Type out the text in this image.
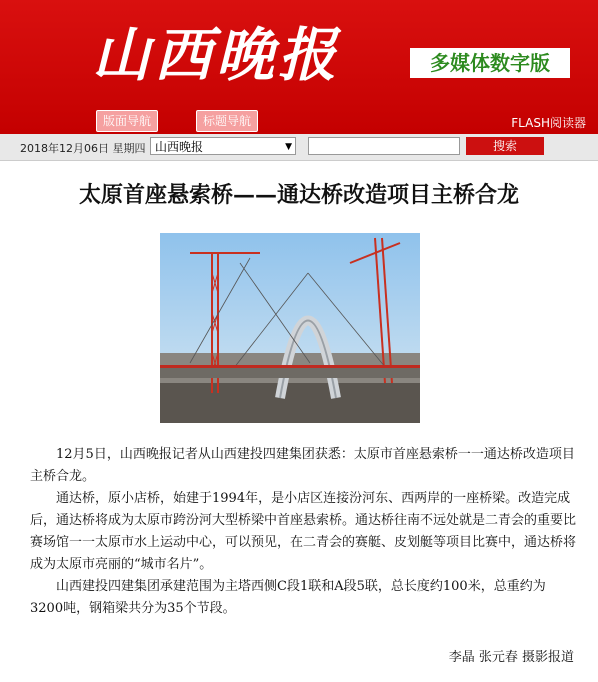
山西晚报	多媒体数字版
版面导航	标题导航	FLASH阅读器
2018年12月06日 星期四 山西晚报	▼	搜索
太原首座悬索桥——通达桥改造项目主桥合龙

12月5日，山西晚报记者从山西建投四建集团获悉：太原市首座悬索桥一一通达桥改造项目主桥合龙。

通达桥，原小店桥，始建于1994年，是小店区连接汾河东、西两岸的一座桥梁。改造完成后，通达桥将成为太原市跨汾河大型桥梁中首座悬索桥。通达桥往南不远处就是二青会的重要比赛场馆一一太原市水上运动中心，可以预见，在二青会的赛艇、皮划艇等项目比赛中，通达桥将成为太原市亮丽的“城市名片”。

山西建投四建集团承建范围为主塔西侧C段1联和A段5联，总长度约100米，总重约为3200吨，钢箱梁共分为35个节段。

李晶 张元春 摄影报道
